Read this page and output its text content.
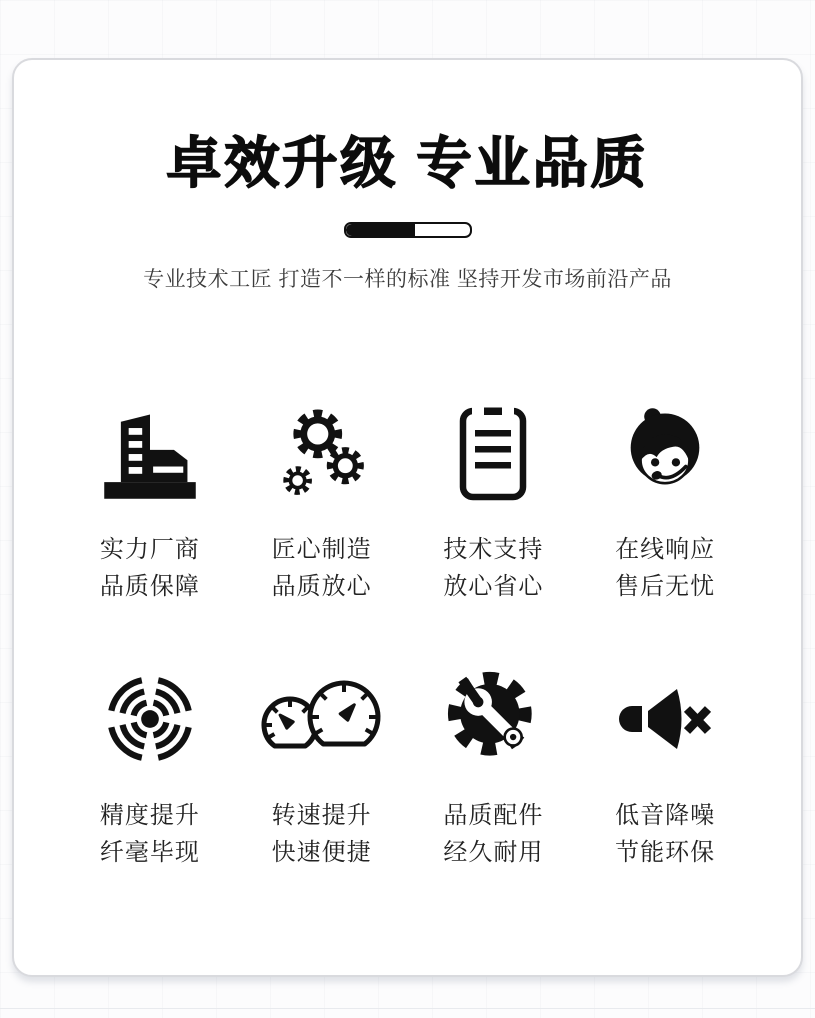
卓效升级 专业品质
专业技术工匠 打造不一样的标准 坚持开发市场前沿产品
实力厂商
品质保障
匠心制造
品质放心
技术支持
放心省心
在线响应
售后无忧
精度提升
纤毫毕现
转速提升
快速便捷
品质配件
经久耐用
低音降噪
节能环保
